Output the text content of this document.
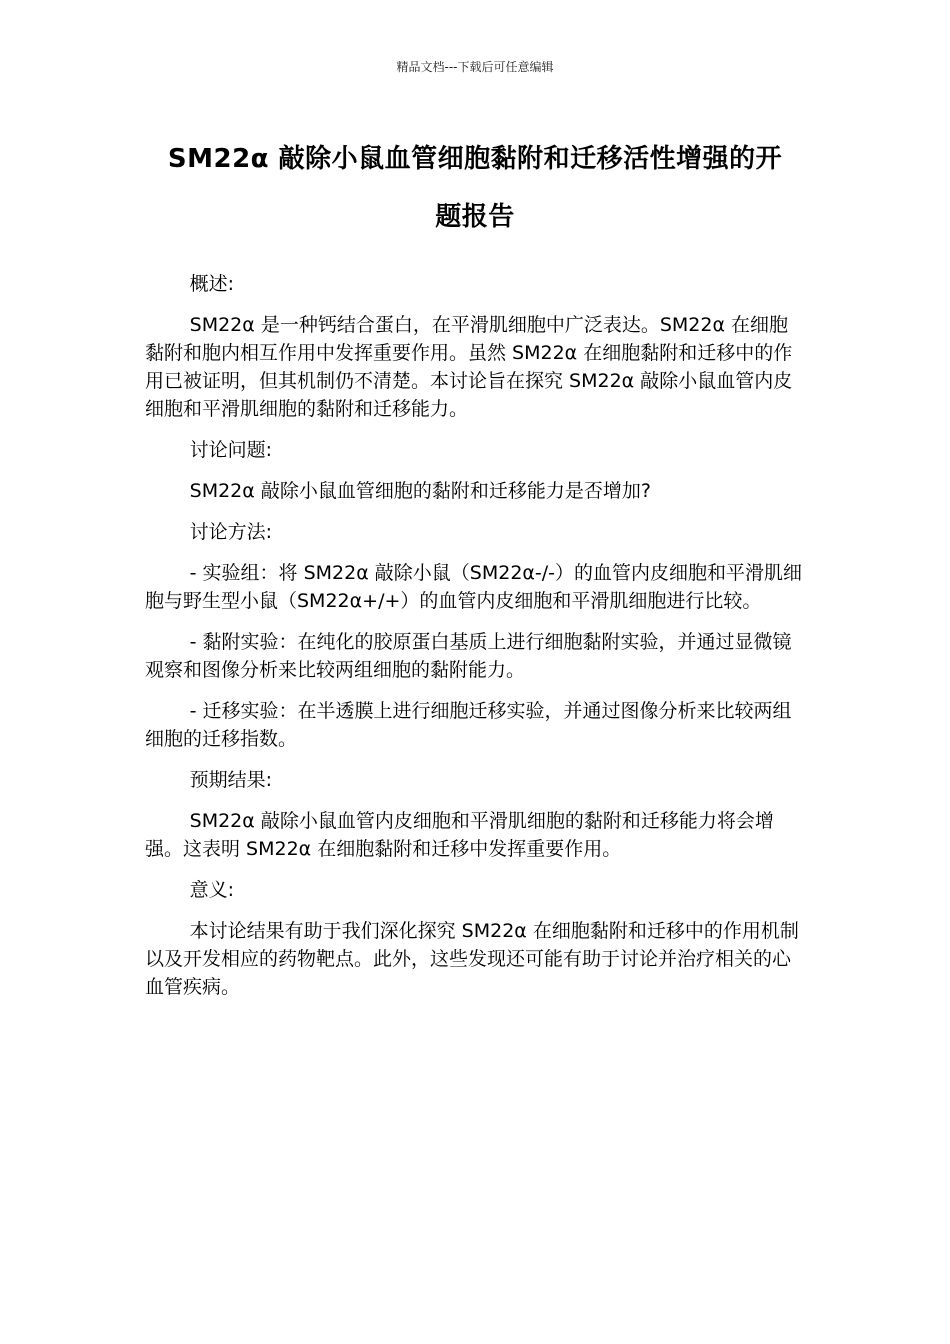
精品文档---下载后可任意编辑
SM22α 敲除小鼠血管细胞黏附和迁移活性增强的开
题报告

概述:

SM22α 是一种钙结合蛋白，在平滑肌细胞中广泛表达。SM22α 在细胞黏附和胞内相互作用中发挥重要作用。虽然 SM22α 在细胞黏附和迁移中的作用已被证明，但其机制仍不清楚。本讨论旨在探究 SM22α 敲除小鼠血管内皮细胞和平滑肌细胞的黏附和迁移能力。

讨论问题:

SM22α 敲除小鼠血管细胞的黏附和迁移能力是否增加?

讨论方法:

- 实验组：将 SM22α 敲除小鼠（SM22α-/-）的血管内皮细胞和平滑肌细胞与野生型小鼠（SM22α+/+）的血管内皮细胞和平滑肌细胞进行比较。

- 黏附实验：在纯化的胶原蛋白基质上进行细胞黏附实验，并通过显微镜观察和图像分析来比较两组细胞的黏附能力。

- 迁移实验：在半透膜上进行细胞迁移实验，并通过图像分析来比较两组细胞的迁移指数。

预期结果:

SM22α 敲除小鼠血管内皮细胞和平滑肌细胞的黏附和迁移能力将会增强。这表明 SM22α 在细胞黏附和迁移中发挥重要作用。

意义:

本讨论结果有助于我们深化探究 SM22α 在细胞黏附和迁移中的作用机制以及开发相应的药物靶点。此外，这些发现还可能有助于讨论并治疗相关的心血管疾病。
